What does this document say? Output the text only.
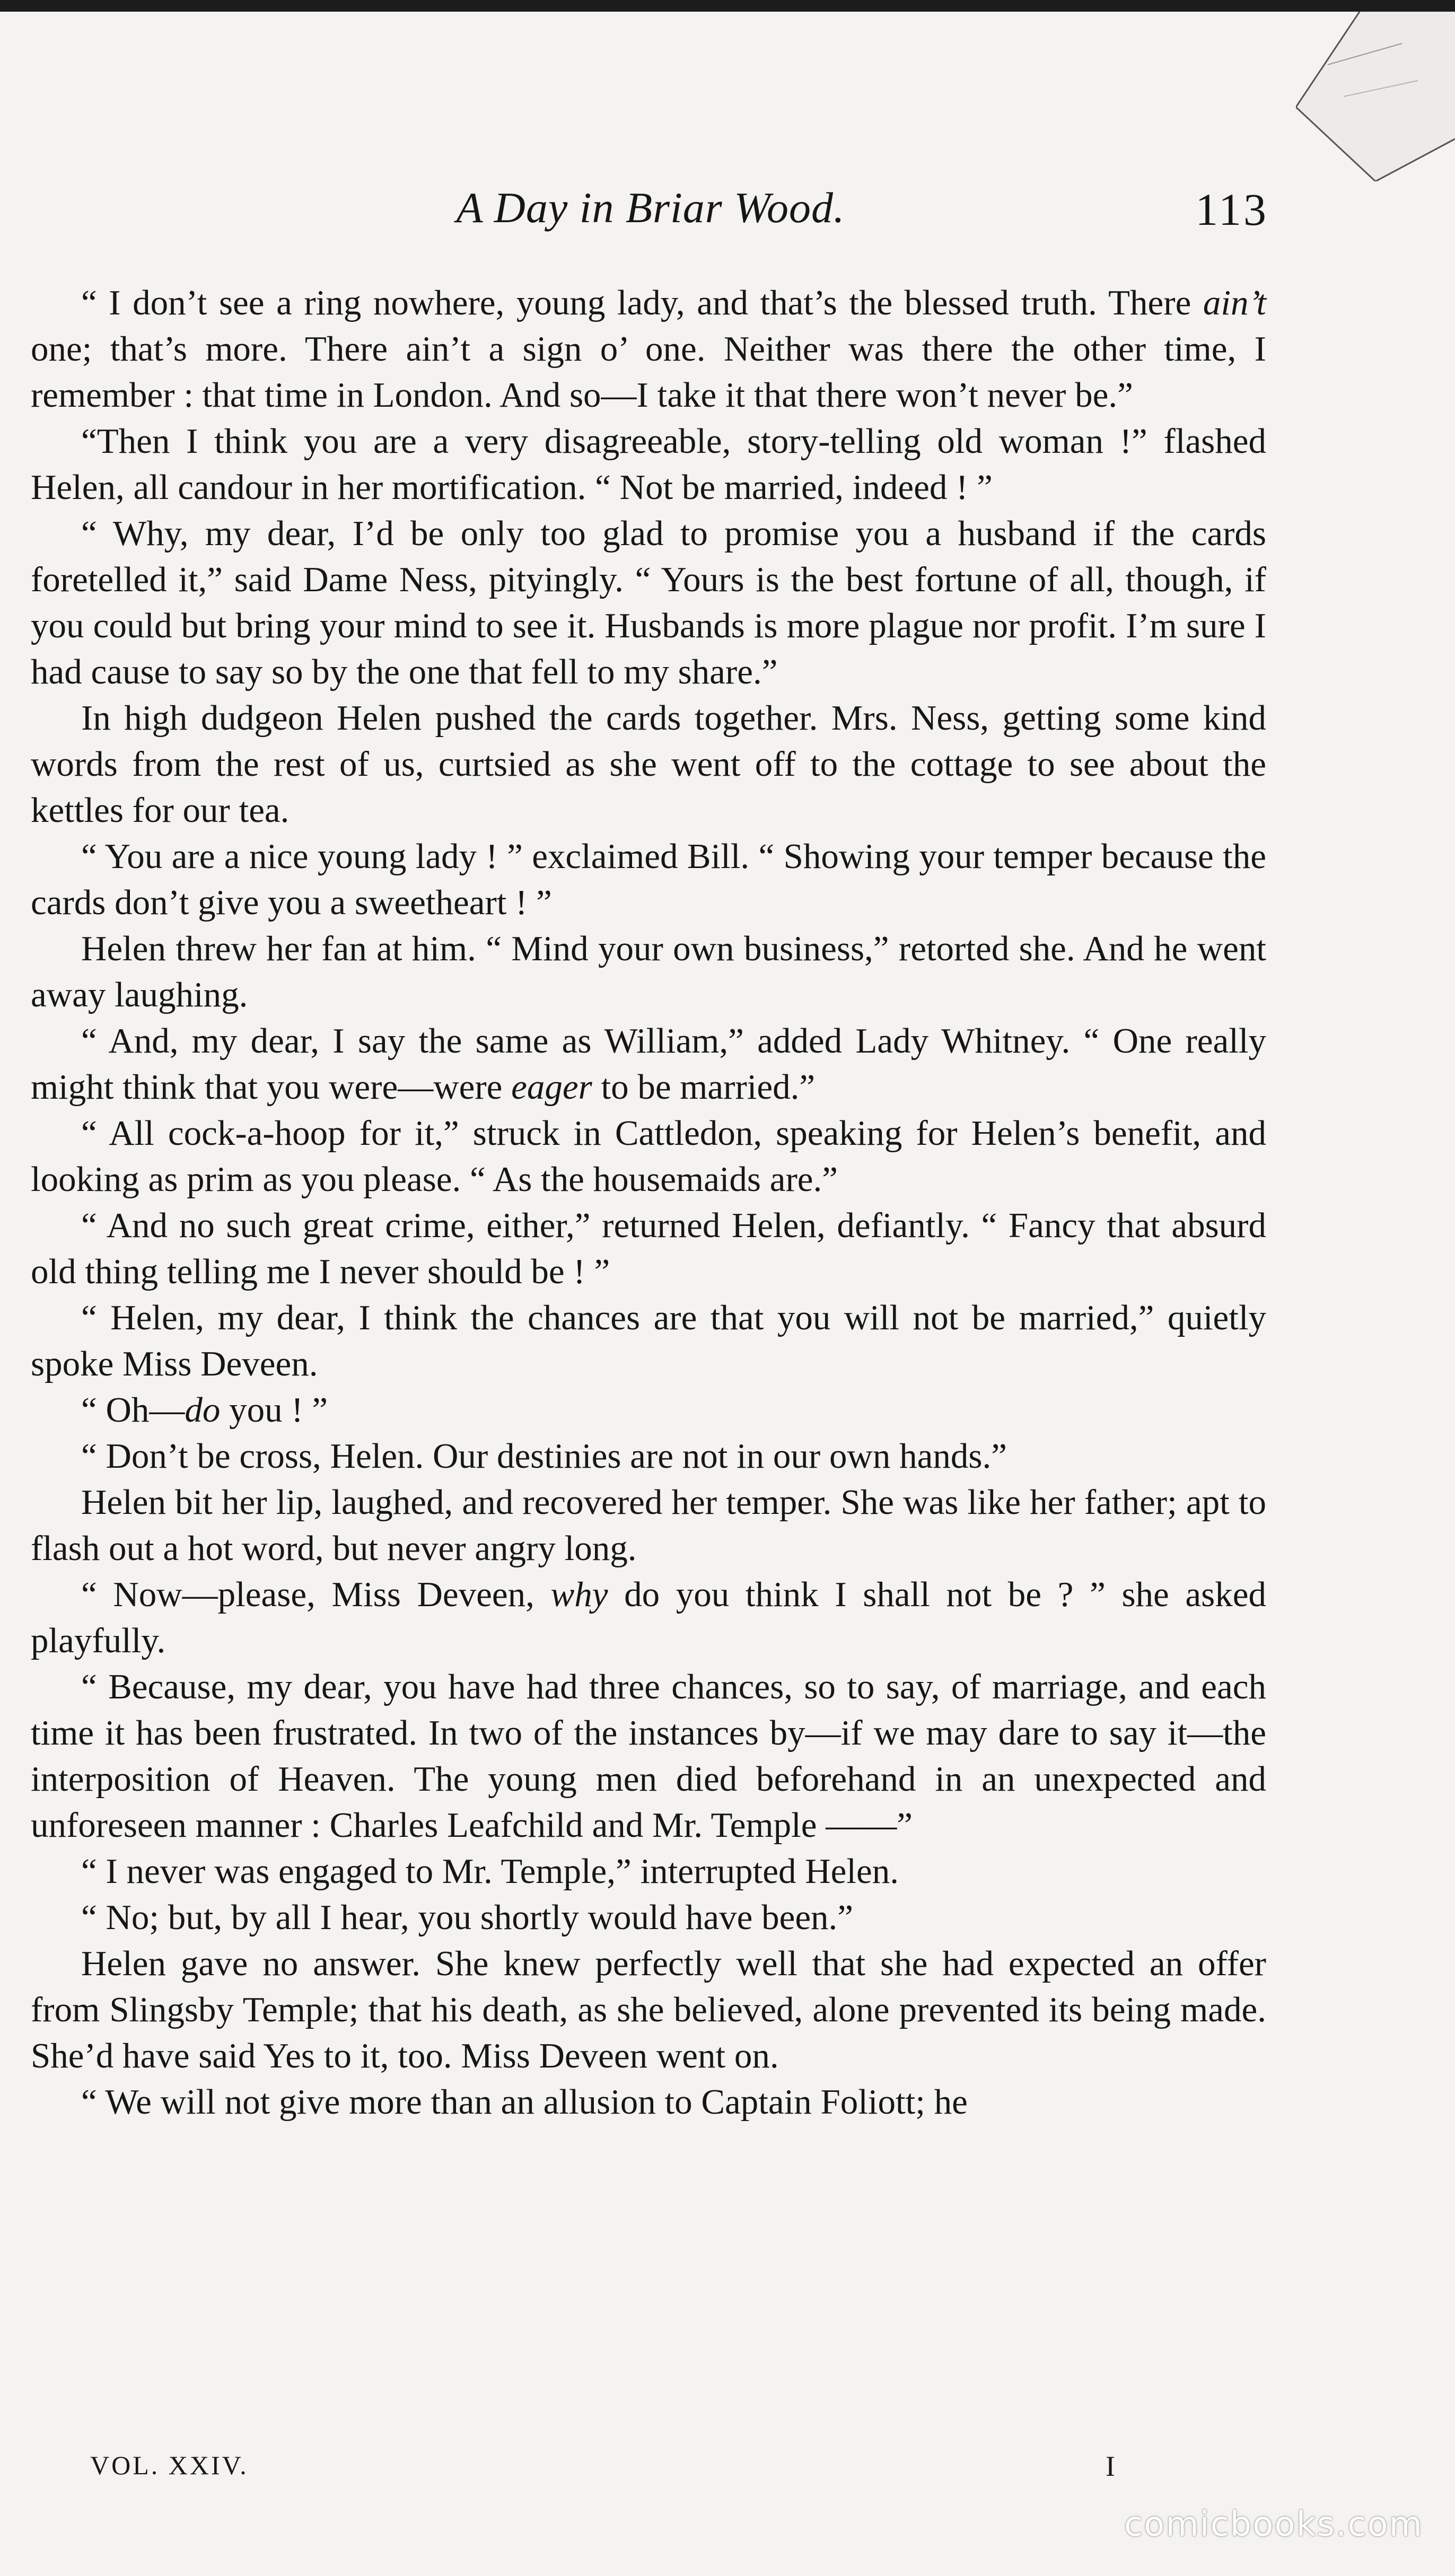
A Day in Briar Wood.	113

“ I don’t see a ring nowhere, young lady, and that’s the blessed truth. There ain’t one; that’s more. There ain’t a sign o’ one. Neither was there the other time, I remember : that time in London. And so—I take it that there won’t never be.”

“Then I think you are a very disagreeable, story-telling old woman !” flashed Helen, all candour in her mortification. “ Not be married, indeed ! ”

“ Why, my dear, I’d be only too glad to promise you a husband if the cards foretelled it,” said Dame Ness, pityingly. “ Yours is the best fortune of all, though, if you could but bring your mind to see it. Husbands is more plague nor profit. I’m sure I had cause to say so by the one that fell to my share.”

In high dudgeon Helen pushed the cards together. Mrs. Ness, getting some kind words from the rest of us, curtsied as she went off to the cottage to see about the kettles for our tea.

“ You are a nice young lady ! ” exclaimed Bill. “ Showing your temper because the cards don’t give you a sweetheart ! ”

Helen threw her fan at him. “ Mind your own business,” retorted she. And he went away laughing.

“ And, my dear, I say the same as William,” added Lady Whitney. “ One really might think that you were—were eager to be married.”

“ All cock-a-hoop for it,” struck in Cattledon, speaking for Helen’s benefit, and looking as prim as you please. “ As the housemaids are.”

“ And no such great crime, either,” returned Helen, defiantly. “ Fancy that absurd old thing telling me I never should be ! ”

“ Helen, my dear, I think the chances are that you will not be married,” quietly spoke Miss Deveen.

“ Oh—do you ! ”

“ Don’t be cross, Helen. Our destinies are not in our own hands.”

Helen bit her lip, laughed, and recovered her temper. She was like her father; apt to flash out a hot word, but never angry long.

“ Now—please, Miss Deveen, why do you think I shall not be ? ” she asked playfully.

“ Because, my dear, you have had three chances, so to say, of marriage, and each time it has been frustrated. In two of the instances by—if we may dare to say it—the interposition of Heaven. The young men died beforehand in an unexpected and unforeseen manner : Charles Leafchild and Mr. Temple ——”

“ I never was engaged to Mr. Temple,” interrupted Helen.

“ No; but, by all I hear, you shortly would have been.”

Helen gave no answer. She knew perfectly well that she had expected an offer from Slingsby Temple; that his death, as she believed, alone prevented its being made. She’d have said Yes to it, too. Miss Deveen went on.

“ We will not give more than an allusion to Captain Foliott; he

VOL. XXIV.	I
comicbooks.com
